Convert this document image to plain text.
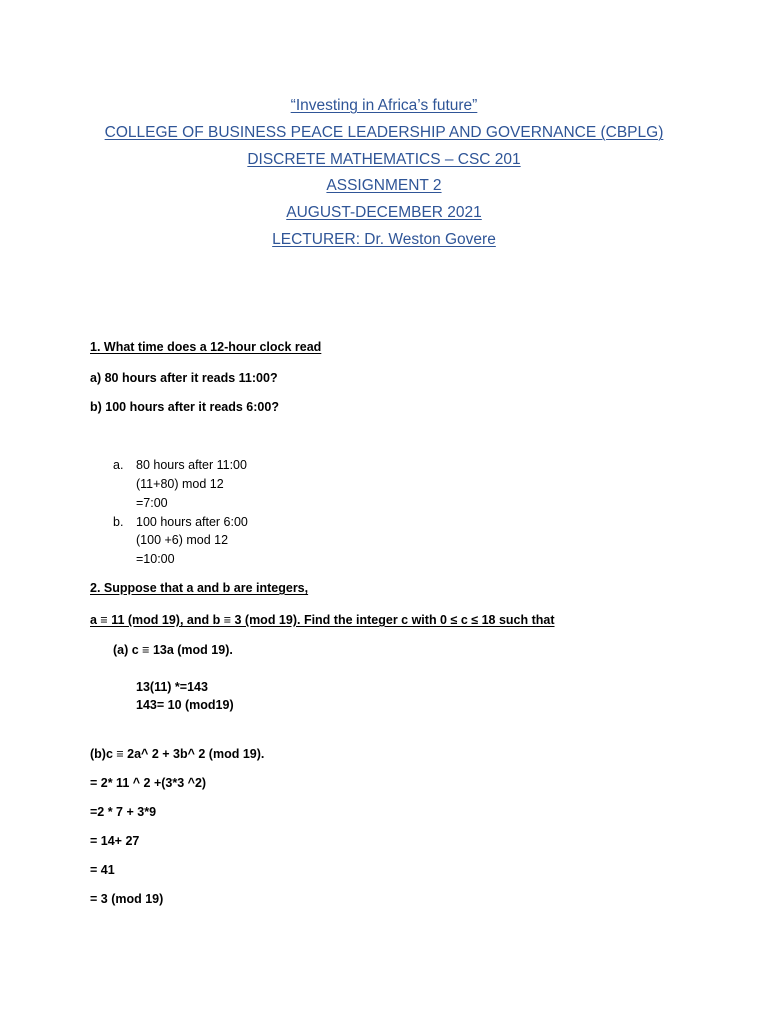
“Investing in Africa’s future”
COLLEGE OF BUSINESS PEACE LEADERSHIP AND GOVERNANCE (CBPLG)
DISCRETE MATHEMATICS – CSC 201
ASSIGNMENT 2
AUGUST-DECEMBER 2021
LECTURER: Dr. Weston Govere
1. What time does a 12-hour clock read
a) 80 hours after it reads 11:00?
b) 100 hours after it reads 6:00?
a. 80 hours after 11:00
(11+80) mod 12
=7:00
b. 100 hours after 6:00
(100 +6) mod 12
=10:00
2. Suppose that a and b are integers,
a ≡ 11 (mod 19), and b ≡ 3 (mod 19). Find the integer c with 0 ≤ c ≤ 18 such that
(a) c ≡ 13a (mod 19).
13(11) *=143
143= 10 (mod19)
(b)c ≡ 2a^ 2 + 3b^ 2 (mod 19).
= 2* 11 ^ 2 +(3*3 ^2)
=2 * 7 + 3*9
= 14+ 27
= 41
= 3 (mod 19)
